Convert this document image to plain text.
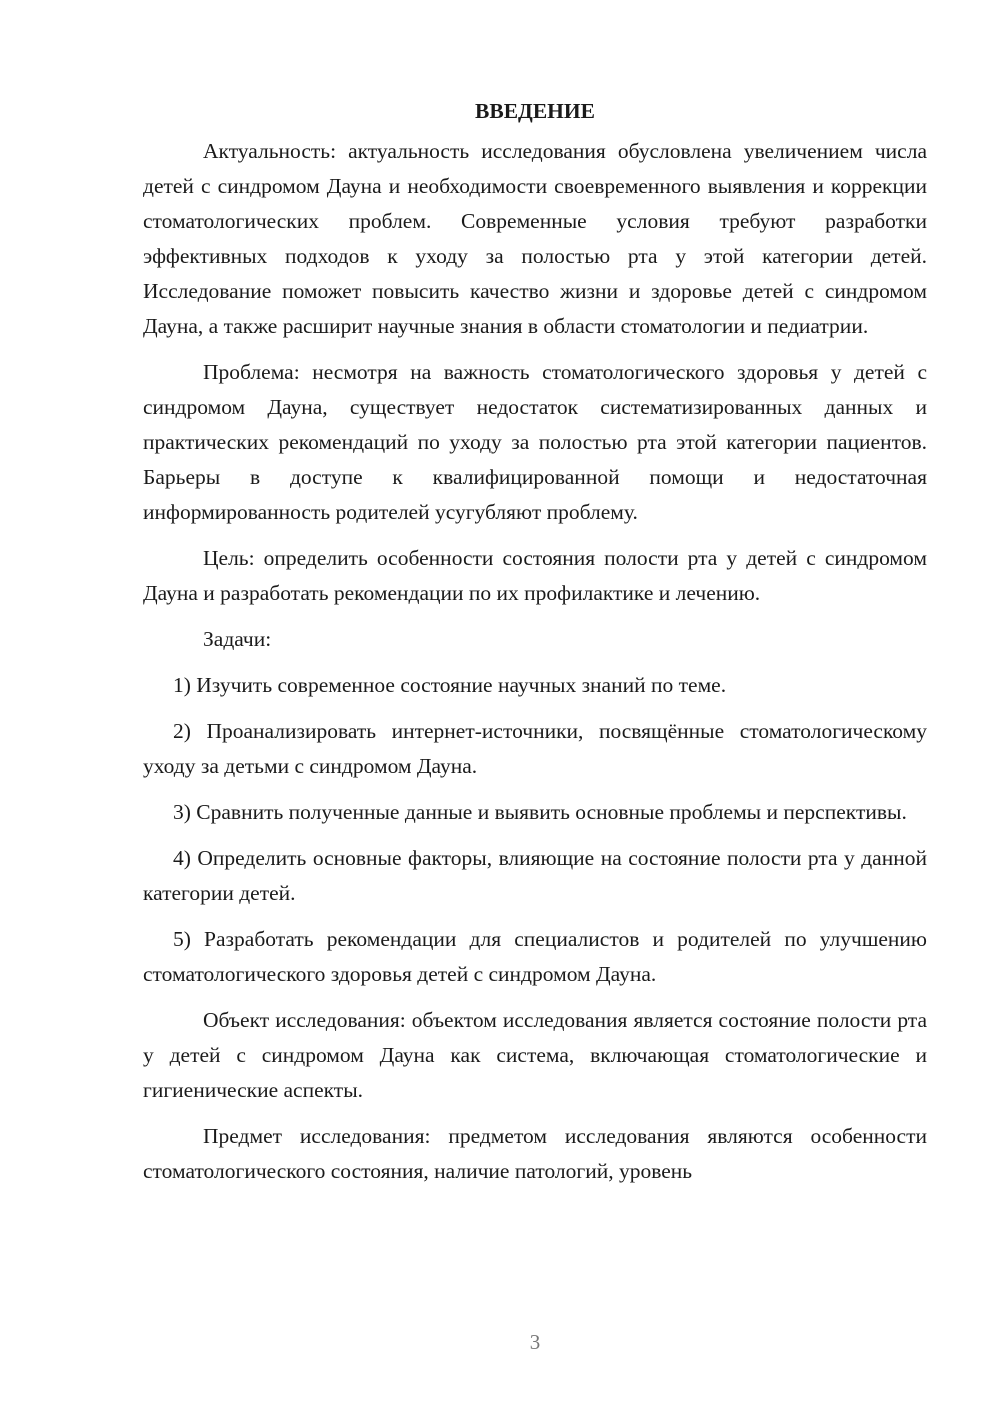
ВВЕДЕНИЕ

Актуальность: актуальность исследования обусловлена увеличением числа детей с синдромом Дауна и необходимости своевременного выявления и коррекции стоматологических проблем. Современные условия требуют разработки эффективных подходов к уходу за полостью рта у этой категории детей. Исследование поможет повысить качество жизни и здоровье детей с синдромом Дауна, а также расширит научные знания в области стоматологии и педиатрии.

Проблема: несмотря на важность стоматологического здоровья у детей с синдромом Дауна, существует недостаток систематизированных данных и практических рекомендаций по уходу за полостью рта этой категории пациентов. Барьеры в доступе к квалифицированной помощи и недостаточная информированность родителей усугубляют проблему.

Цель: определить особенности состояния полости рта у детей с синдромом Дауна и разработать рекомендации по их профилактике и лечению.

Задачи:

1) Изучить современное состояние научных знаний по теме.

2) Проанализировать интернет-источники, посвящённые стоматологическому уходу за детьми с синдромом Дауна.

3) Сравнить полученные данные и выявить основные проблемы и перспективы.

4) Определить основные факторы, влияющие на состояние полости рта у данной категории детей.

5) Разработать рекомендации для специалистов и родителей по улучшению стоматологического здоровья детей с синдромом Дауна.

Объект исследования: объектом исследования является состояние полости рта у детей с синдромом Дауна как система, включающая стоматологические и гигиенические аспекты.

Предмет исследования: предметом исследования являются особенности стоматологического состояния, наличие патологий, уровень

3
